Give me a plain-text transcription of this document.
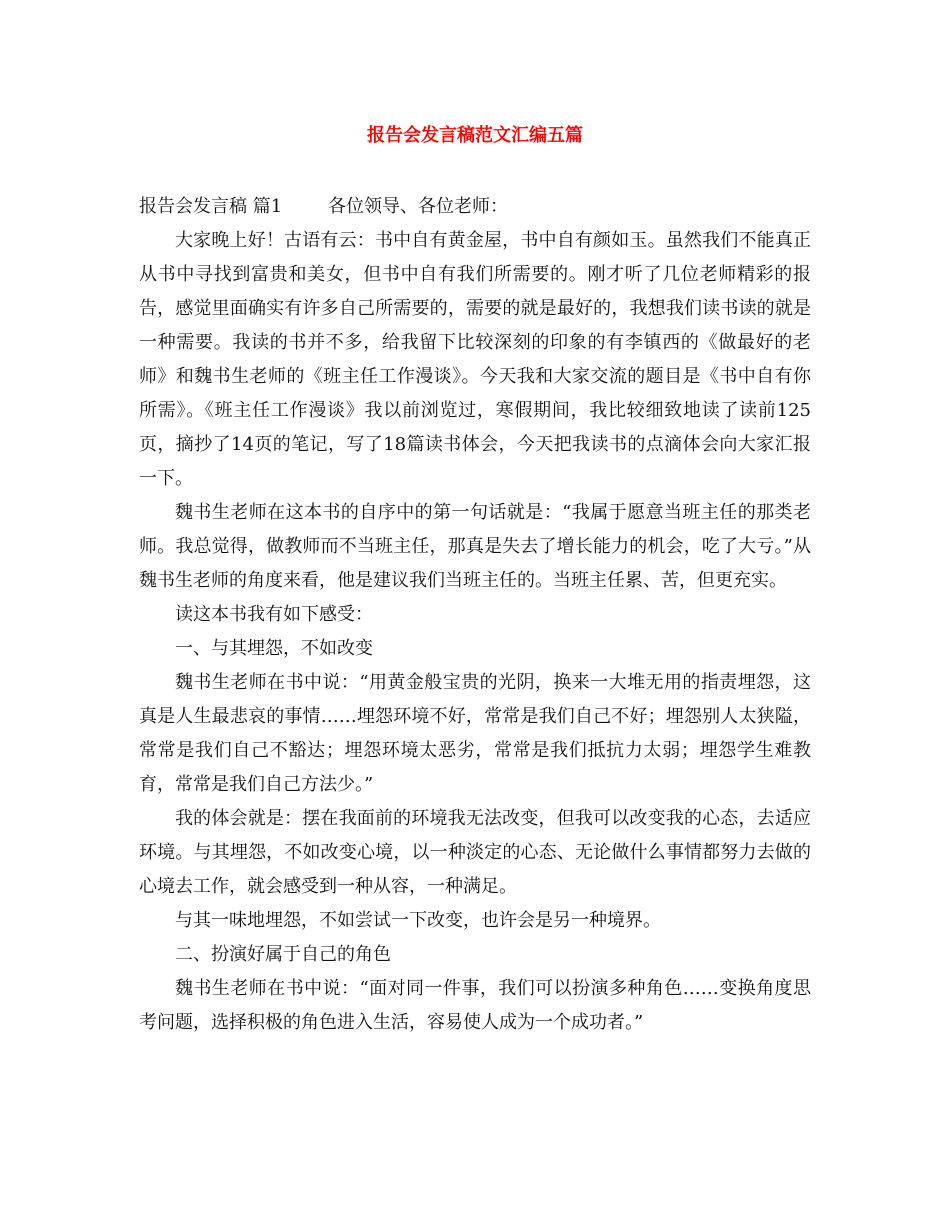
报告会发言稿范文汇编五篇

报告会发言稿 篇1        各位领导、各位老师：

大家晚上好！古语有云：书中自有黄金屋，书中自有颜如玉。虽然我们不能真正从书中寻找到富贵和美女，但书中自有我们所需要的。刚才听了几位老师精彩的报告，感觉里面确实有许多自己所需要的，需要的就是最好的，我想我们读书读的就是一种需要。我读的书并不多，给我留下比较深刻的印象的有李镇西的《做最好的老师》和魏书生老师的《班主任工作漫谈》。今天我和大家交流的题目是《书中自有你所需》。《班主任工作漫谈》我以前浏览过，寒假期间，我比较细致地读了读前125页，摘抄了14页的笔记，写了18篇读书体会，今天把我读书的点滴体会向大家汇报一下。

魏书生老师在这本书的自序中的第一句话就是：“我属于愿意当班主任的那类老师。我总觉得，做教师而不当班主任，那真是失去了增长能力的机会，吃了大亏。”从魏书生老师的角度来看，他是建议我们当班主任的。当班主任累、苦，但更充实。

读这本书我有如下感受：

一、与其埋怨，不如改变

魏书生老师在书中说：“用黄金般宝贵的光阴，换来一大堆无用的指责埋怨，这真是人生最悲哀的事情……埋怨环境不好，常常是我们自己不好；埋怨别人太狭隘，常常是我们自己不豁达；埋怨环境太恶劣，常常是我们抵抗力太弱；埋怨学生难教育，常常是我们自己方法少。”

我的体会就是：摆在我面前的环境我无法改变，但我可以改变我的心态，去适应环境。与其埋怨，不如改变心境，以一种淡定的心态、无论做什么事情都努力去做的心境去工作，就会感受到一种从容，一种满足。

与其一味地埋怨，不如尝试一下改变，也许会是另一种境界。

二、扮演好属于自己的角色

魏书生老师在书中说：“面对同一件事，我们可以扮演多种角色……变换角度思考问题，选择积极的角色进入生活，容易使人成为一个成功者。”
